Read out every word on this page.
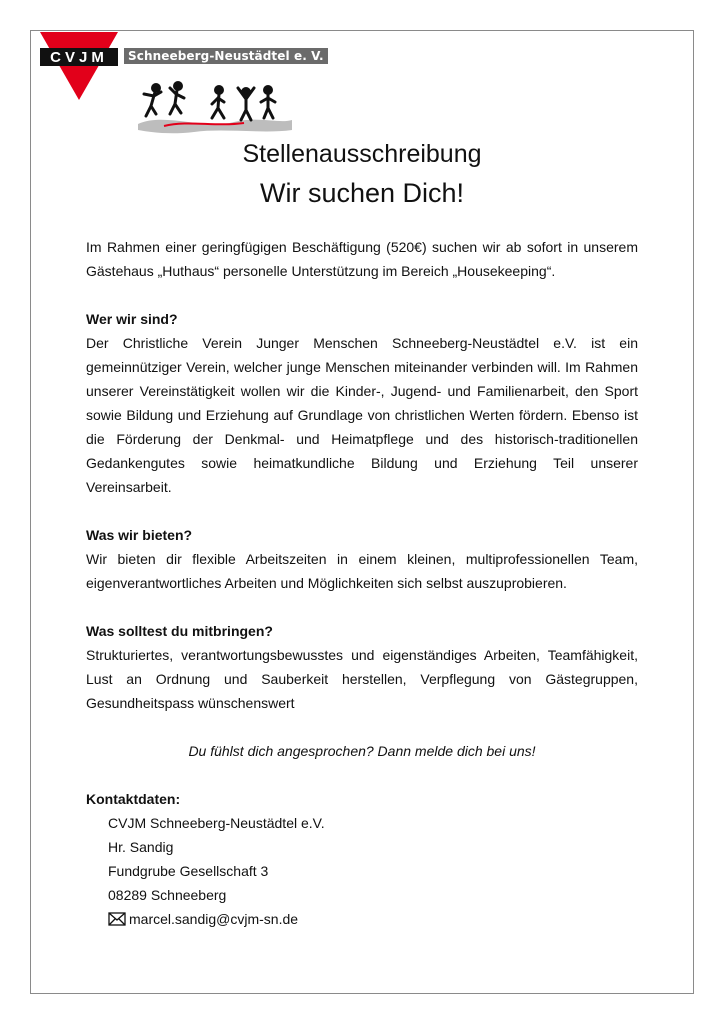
CVJM	Schneeberg-Neustädtel e. V.
Stellenausschreibung
Wir suchen Dich!

Im Rahmen einer geringfügigen Beschäftigung (520€) suchen wir ab sofort in unserem Gästehaus „Huthaus“ personelle Unterstützung im Bereich „Housekeeping“.

Wer wir sind?

Der Christliche Verein Junger Menschen Schneeberg-Neustädtel e.V. ist ein gemeinnütziger Verein, welcher junge Menschen miteinander verbinden will. Im Rahmen unserer Vereinstätigkeit wollen wir die Kinder-, Jugend- und Familienarbeit, den Sport sowie Bildung und Erziehung auf Grundlage von christlichen Werten fördern. Ebenso ist die Förderung der Denkmal- und Heimatpflege und des historisch-traditionellen Gedankengutes sowie heimatkundliche Bildung und Erziehung Teil unserer Vereinsarbeit.

Was wir bieten?

Wir bieten dir flexible Arbeitszeiten in einem kleinen, multiprofessionellen Team, eigenverantwortliches Arbeiten und Möglichkeiten sich selbst auszuprobieren.

Was solltest du mitbringen?

Strukturiertes, verantwortungsbewusstes und eigenständiges Arbeiten, Teamfähigkeit, Lust an Ordnung und Sauberkeit herstellen, Verpflegung von Gästegruppen, Gesundheitspass wünschenswert

Du fühlst dich angesprochen? Dann melde dich bei uns!

Kontaktdaten:
CVJM Schneeberg-Neustädtel e.V.
Hr. Sandig
Fundgrube Gesellschaft 3
08289 Schneeberg
marcel.sandig@cvjm-sn.de
